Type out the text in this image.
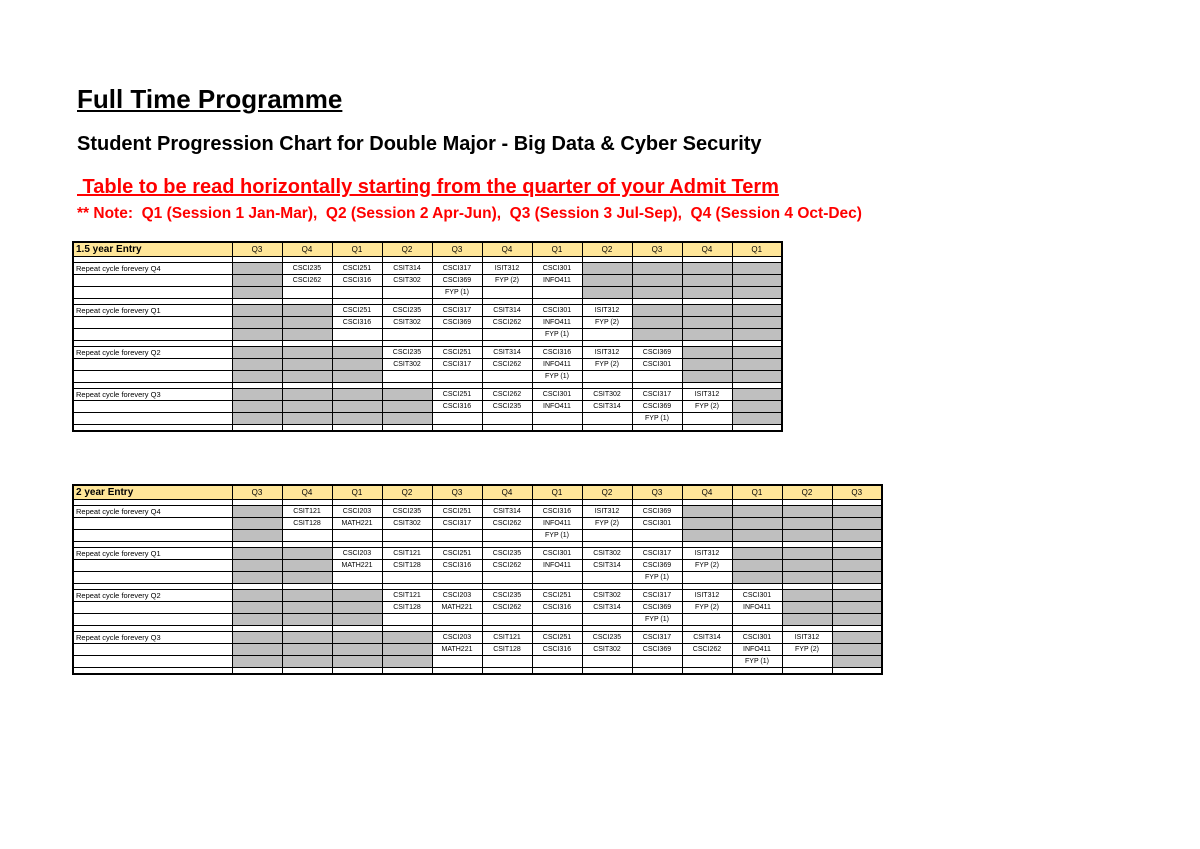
Full Time Programme
Student Progression Chart for Double Major - Big Data & Cyber Security
Table to be read horizontally starting from the quarter of your Admit Term
** Note:  Q1 (Session 1 Jan-Mar),  Q2 (Session 2 Apr-Jun),  Q3 (Session 3 Jul-Sep),  Q4 (Session 4 Oct-Dec)
1.5 year Entry	Q3	Q4	Q1	Q2	Q3	Q4	Q1	Q2	Q3	Q4	Q1

Repeat cycle forevery Q4		CSCI235	CSCI251	CSIT314	CSCI317	ISIT312	CSCI301				
		CSCI262	CSCI316	CSIT302	CSCI369	FYP (2)	INFO411				
					FYP (1)						

Repeat cycle forevery Q1			CSCI251	CSCI235	CSCI317	CSIT314	CSCI301	ISIT312			
			CSCI316	CSIT302	CSCI369	CSCI262	INFO411	FYP (2)			
							FYP (1)				

Repeat cycle forevery Q2				CSCI235	CSCI251	CSIT314	CSCI316	ISIT312	CSCI369		
				CSIT302	CSCI317	CSCI262	INFO411	FYP (2)	CSCI301		
							FYP (1)				

Repeat cycle forevery Q3					CSCI251	CSCI262	CSCI301	CSIT302	CSCI317	ISIT312	
					CSCI316	CSCI235	INFO411	CSIT314	CSCI369	FYP (2)	
									FYP (1)		

2 year Entry	Q3	Q4	Q1	Q2	Q3	Q4	Q1	Q2	Q3	Q4	Q1	Q2	Q3

Repeat cycle forevery Q4		CSIT121	CSCI203	CSCI235	CSCI251	CSIT314	CSCI316	ISIT312	CSCI369				
		CSIT128	MATH221	CSIT302	CSCI317	CSCI262	INFO411	FYP (2)	CSCI301				
							FYP (1)						

Repeat cycle forevery Q1			CSCI203	CSIT121	CSCI251	CSCI235	CSCI301	CSIT302	CSCI317	ISIT312			
			MATH221	CSIT128	CSCI316	CSCI262	INFO411	CSIT314	CSCI369	FYP (2)			
									FYP (1)				

Repeat cycle forevery Q2				CSIT121	CSCI203	CSCI235	CSCI251	CSIT302	CSCI317	ISIT312	CSCI301		
				CSIT128	MATH221	CSCI262	CSCI316	CSIT314	CSCI369	FYP (2)	INFO411		
									FYP (1)				

Repeat cycle forevery Q3					CSCI203	CSIT121	CSCI251	CSCI235	CSCI317	CSIT314	CSCI301	ISIT312	
					MATH221	CSIT128	CSCI316	CSIT302	CSCI369	CSCI262	INFO411	FYP (2)	
											FYP (1)		
